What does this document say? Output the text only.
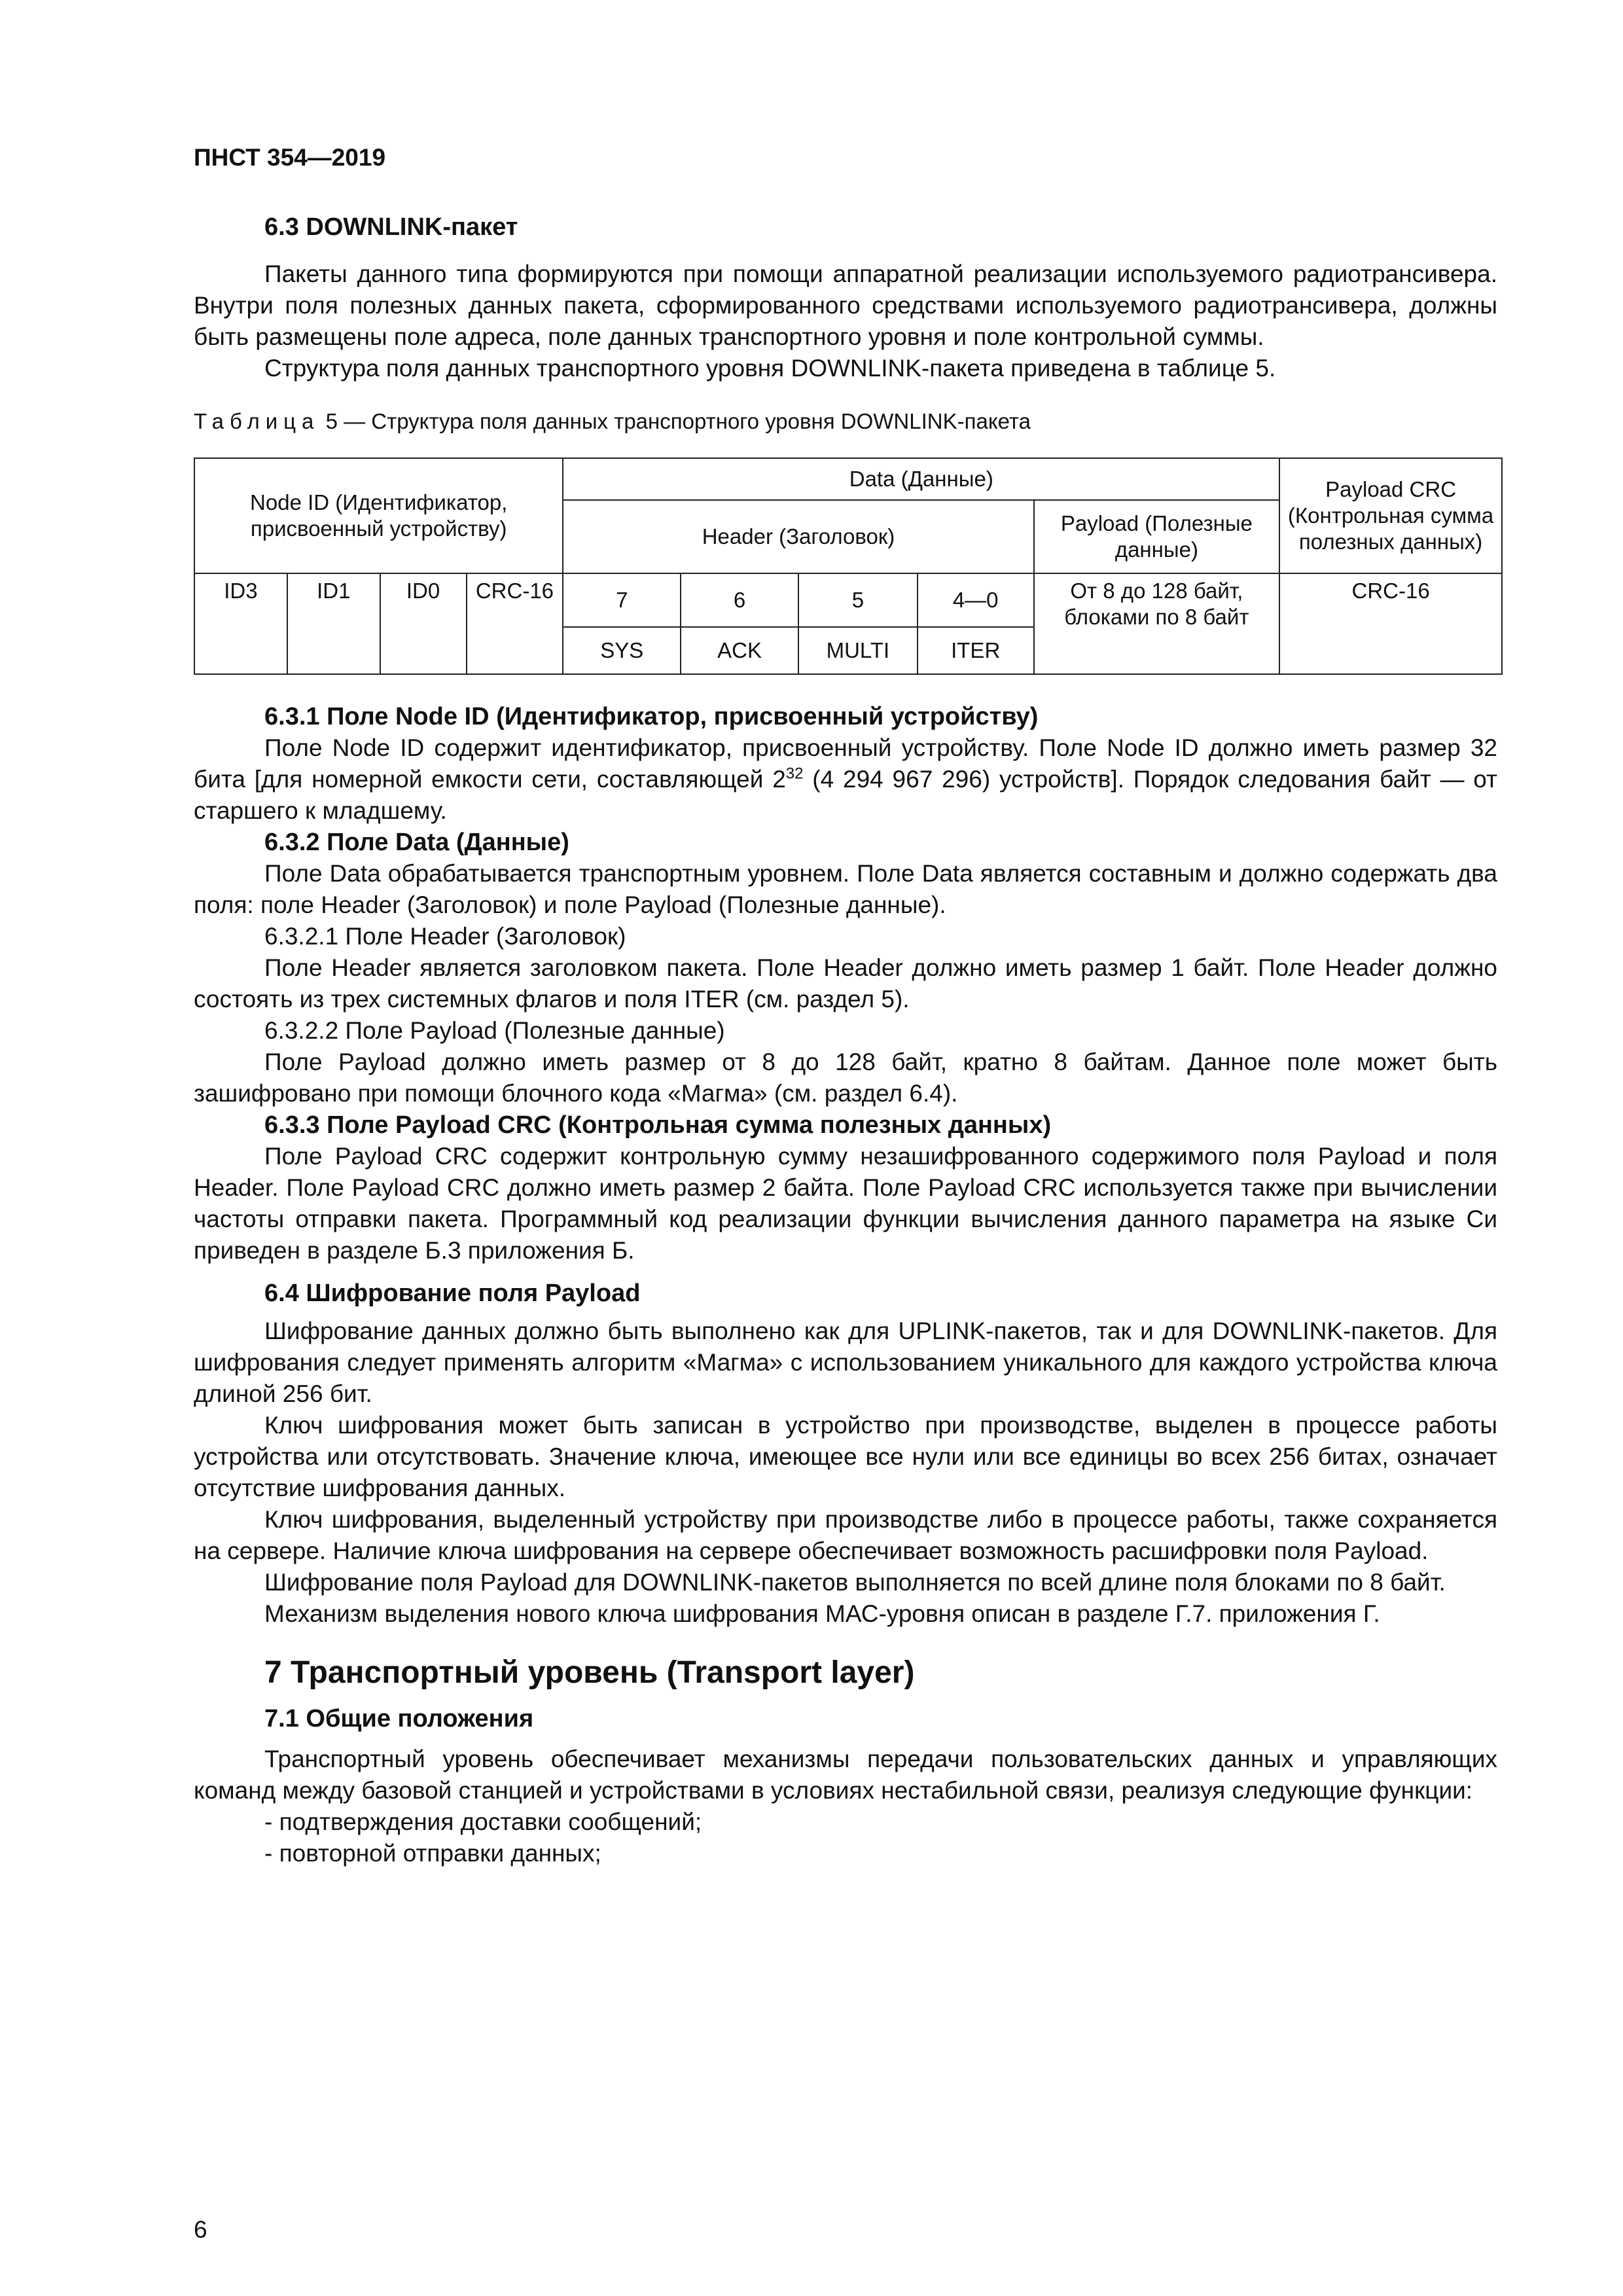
ПНСТ 354—2019
6.3 DOWNLINK-пакет

Пакеты данного типа формируются при помощи аппаратной реализации используемого радиотрансивера. Внутри поля полезных данных пакета, сформированного средствами используемого радиотрансивера, должны быть размещены поле адреса, поле данных транспортного уровня и поле контрольной суммы.

Структура поля данных транспортного уровня DOWNLINK-пакета приведена в таблице 5.

Таблица 5 — Структура поля данных транспортного уровня DOWNLINK-пакета
Node ID (Идентификатор, присвоенный устройству)				Data (Данные)					Payload CRC (Контрольная сумма полезных данных)
				Header (Заголовок)				Payload (Полезные данные)	
ID3	ID1	ID0	CRC-16	7	6	5	4—0	От 8 до 128 байт, блоками по 8 байт	CRC-16
				SYS	ACK	MULTI	ITER		
6.3.1 Поле Node ID (Идентификатор, присвоенный устройству)

Поле Node ID содержит идентификатор, присвоенный устройству. Поле Node ID должно иметь размер 32 бита [для номерной емкости сети, составляющей $2^{32}$ (4 294 967 296) устройств]. Порядок следования байт — от старшего к младшему.

6.3.2 Поле Data (Данные)

Поле Data обрабатывается транспортным уровнем. Поле Data является составным и должно содержать два поля: поле Header (Заголовок) и поле Payload (Полезные данные).

6.3.2.1 Поле Header (Заголовок)

Поле Header является заголовком пакета. Поле Header должно иметь размер 1 байт. Поле Header должно состоять из трех системных флагов и поля ITER (см. раздел 5).

6.3.2.2 Поле Payload (Полезные данные)

Поле Payload должно иметь размер от 8 до 128 байт, кратно 8 байтам. Данное поле может быть зашифровано при помощи блочного кода «Магма» (см. раздел 6.4).

6.3.3 Поле Payload CRC (Контрольная сумма полезных данных)

Поле Payload CRC содержит контрольную сумму незашифрованного содержимого поля Payload и поля Header. Поле Payload CRC должно иметь размер 2 байта. Поле Payload CRC используется также при вычислении частоты отправки пакета. Программный код реализации функции вычисления данного параметра на языке Си приведен в разделе Б.3 приложения Б.

6.4 Шифрование поля Payload

Шифрование данных должно быть выполнено как для UPLINK-пакетов, так и для DOWNLINK-пакетов. Для шифрования следует применять алгоритм «Магма» с использованием уникального для каждого устройства ключа длиной 256 бит.

Ключ шифрования может быть записан в устройство при производстве, выделен в процессе работы устройства или отсутствовать. Значение ключа, имеющее все нули или все единицы во всех 256 битах, означает отсутствие шифрования данных.

Ключ шифрования, выделенный устройству при производстве либо в процессе работы, также сохраняется на сервере. Наличие ключа шифрования на сервере обеспечивает возможность расшифровки поля Payload.

Шифрование поля Payload для DOWNLINK-пакетов выполняется по всей длине поля блоками по 8 байт.

Механизм выделения нового ключа шифрования МАС-уровня описан в разделе Г.7. приложения Г.

7 Транспортный уровень (Transport layer)
7.1 Общие положения

Транспортный уровень обеспечивает механизмы передачи пользовательских данных и управляющих команд между базовой станцией и устройствами в условиях нестабильной связи, реализуя следующие функции:

- подтверждения доставки сообщений;
- повторной отправки данных;
6
